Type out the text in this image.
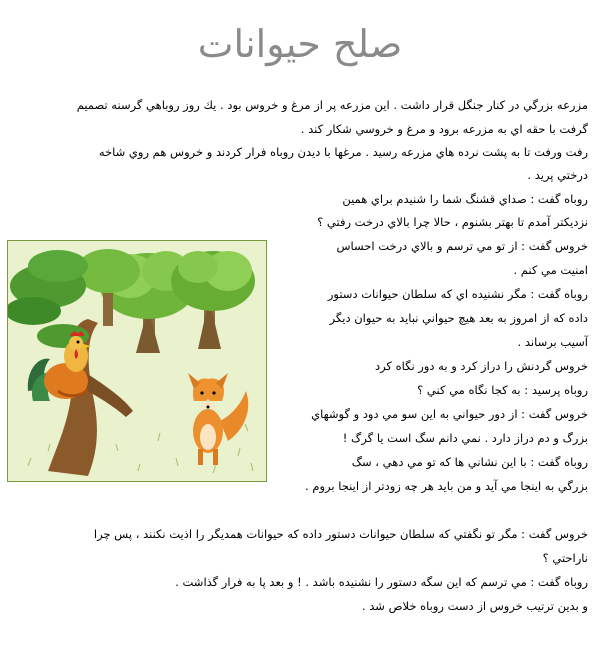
صلح حیوانات
مزرعه بزرگي در كنار جنگل قرار داشت . اين مزرعه پر از مرغ و خروس بود . يك روز روباهي گرسنه تصميم
گرفت با حقه اي به مزرعه برود و مرغ و خروسي شكار كند .
رفت ورفت تا به پشت نرده هاي مزرعه رسيد . مرغها با ديدن روباه فرار كردند و خروس هم روي شاخه
درختي پريد .
روباه گفت : صداي قشنگ شما را شنيدم براي همين
نزديكتر آمدم تا بهتر بشنوم ، حالا چرا بالاي درخت رفتي ؟
خروس گفت : از تو مي ترسم و بالاي درخت احساس
امنيت مي كنم .
روباه گفت : مگر نشنيده اي كه سلطان حيوانات دستور
داده كه از امروز به بعد هيچ حيواني نبايد به حيوان ديگر
آسيب برساند .
خروس گردنش را دراز كرد و به دور نگاه كرد
روباه پرسيد : به كجا نگاه مي كني ؟
خروس گفت : از دور حيواني به اين سو مي دود و گوشهاي
بزرگ و دم دراز دارد . نمي دانم سگ است يا گرگ !
روباه گفت : با اين نشاني ها كه تو مي دهي ، سگ
بزرگي به اينجا مي آيد و من بايد هر چه زودتر از اينجا بروم .
خروس گفت : مگر تو نگفتي كه سلطان حيوانات دستور داده كه حيوانات همديگر را اذيت نكنند ، پس چرا
ناراحتي ؟
روباه گفت : مي ترسم كه اين سگه دستور را نشنيده باشد . ! و بعد پا به فرار گذاشت .
و بدين ترتيب خروس از دست روباه خلاص شد .
